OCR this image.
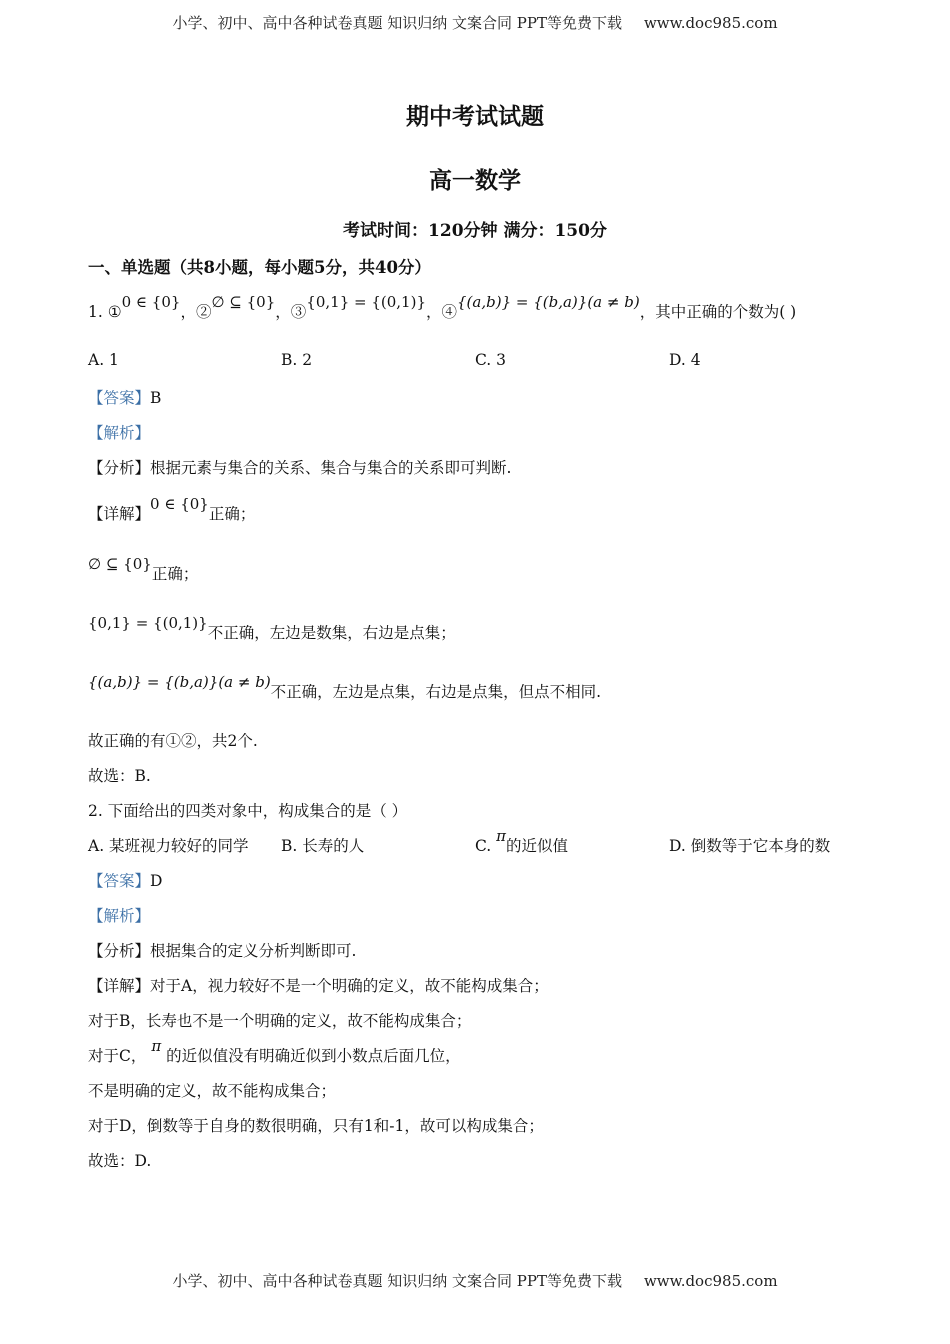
小学、初中、高中各种试卷真题 知识归纳 文案合同 PPT等免费下载 www.doc985.com
期中考试试题
高一数学
考试时间：120分钟 满分：150分
一、单选题（共8小题，每小题5分，共40分）
1. ①0 ∈ {0}，②∅ ⊆ {0}，③{0,1} = {(0,1)}，④{(a,b)} = {(b,a)}(a ≠ b)，其中正确的个数为( )
A. 1	B. 2	C. 3	D. 4
【答案】B
【解析】
【分析】根据元素与集合的关系、集合与集合的关系即可判断.
【详解】0 ∈ {0}正确；
∅ ⊆ {0}正确；
{0,1} = {(0,1)}不正确，左边是数集，右边是点集；
{(a,b)} = {(b,a)}(a ≠ b)不正确，左边是点集，右边是点集，但点不相同.
故正确的有①②，共2个.
故选：B.
2. 下面给出的四类对象中，构成集合的是（ ）
A. 某班视力较好的同学 B. 长寿的人	C. π的近似值	D. 倒数等于它本身的数
【答案】D
【解析】
【分析】根据集合的定义分析判断即可.
【详解】对于A，视力较好不是一个明确的定义，故不能构成集合；
对于B，长寿也不是一个明确的定义，故不能构成集合；
对于C， π 的近似值没有明确近似到小数点后面几位，
不是明确的定义，故不能构成集合；
对于D，倒数等于自身的数很明确，只有1和-1，故可以构成集合；
故选：D.
小学、初中、高中各种试卷真题 知识归纳 文案合同 PPT等免费下载 www.doc985.com
